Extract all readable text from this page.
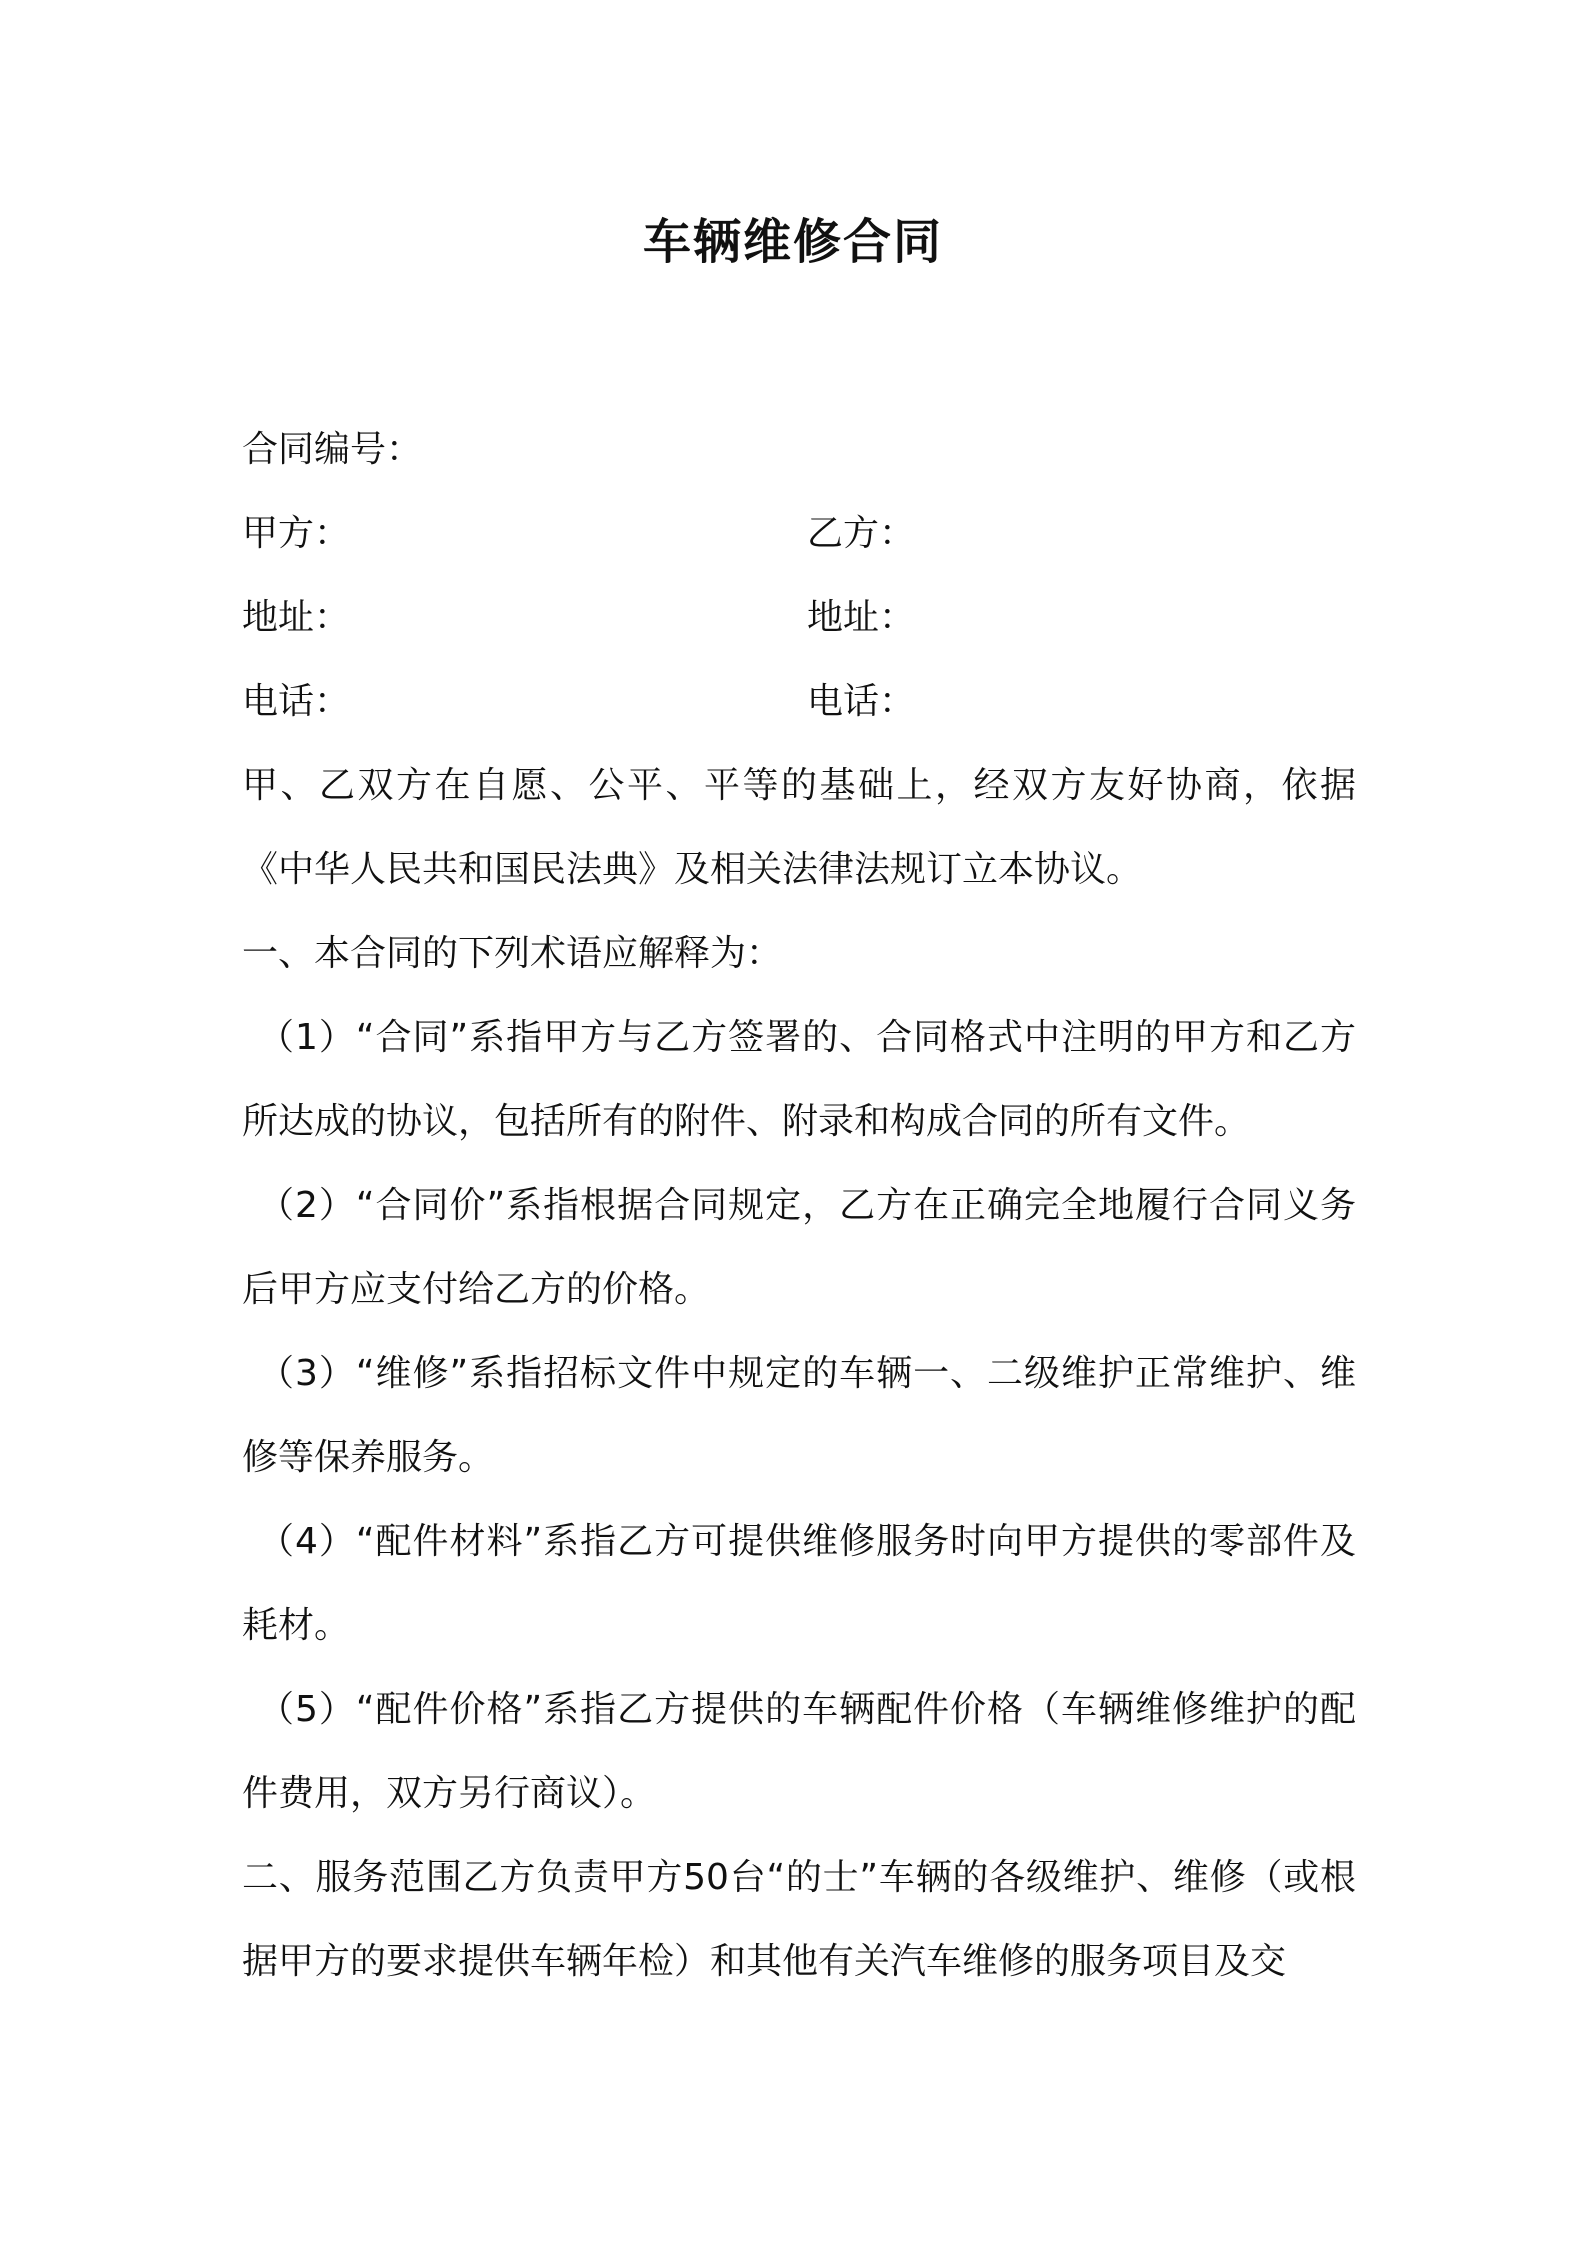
车辆维修合同
合同编号：
甲方：	乙方：
地址：	地址：
电话：	电话：
甲、乙双方在自愿、公平、平等的基础上，经双方友好协商，依据《中华人民共和国民法典》及相关法律法规订立本协议。
一、本合同的下列术语应解释为：
（1）“合同”系指甲方与乙方签署的、合同格式中注明的甲方和乙方所达成的协议，包括所有的附件、附录和构成合同的所有文件。
（2）“合同价”系指根据合同规定，乙方在正确完全地履行合同义务后甲方应支付给乙方的价格。
（3）“维修”系指招标文件中规定的车辆一、二级维护正常维护、维修等保养服务。
（4）“配件材料”系指乙方可提供维修服务时向甲方提供的零部件及耗材。
（5）“配件价格”系指乙方提供的车辆配件价格（车辆维修维护的配件费用，双方另行商议）。
二、服务范围乙方负责甲方50台“的士”车辆的各级维护、维修（或根据甲方的要求提供车辆年检）和其他有关汽车维修的服务项目及交
